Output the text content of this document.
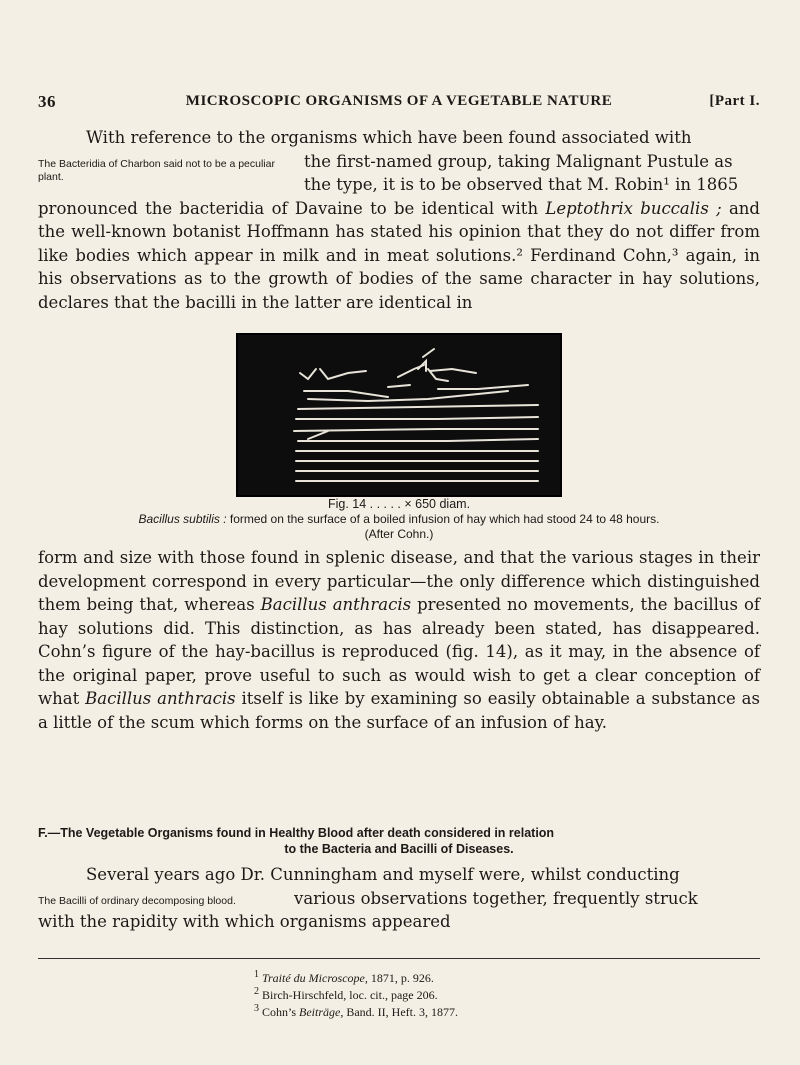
36	MICROSCOPIC ORGANISMS OF A VEGETABLE NATURE	[Part I.
With reference to the organisms which have been found associated with
The Bacteridia of Charbon said not to be a peculiar plant.
the first-named group, taking Malignant Pustule as
the type, it is to be observed that M. Robin¹ in 1865
pronounced the bacteridia of Davaine to be identical with Leptothrix buccalis ; and the well-known botanist Hoffmann has stated his opinion that they do not differ from like bodies which appear in milk and in meat solutions.² Ferdinand Cohn,³ again, in his observations as to the growth of bodies of the same character in hay solutions, declares that the bacilli in the latter are identical in
Fig. 14 . . . . . × 650 diam.
Bacillus subtilis : formed on the surface of a boiled infusion of hay which had stood 24 to 48 hours.
(After Cohn.)
form and size with those found in splenic disease, and that the various stages in their development correspond in every particular—the only difference which distinguished them being that, whereas Bacillus anthracis presented no movements, the bacillus of hay solutions did. This distinction, as has already been stated, has disappeared. Cohn’s figure of the hay-bacillus is reproduced (fig. 14), as it may, in the absence of the original paper, prove useful to such as would wish to get a clear conception of what Bacillus anthracis itself is like by examining so easily obtainable a substance as a little of the scum which forms on the surface of an infusion of hay.
F.—The Vegetable Organisms found in Healthy Blood after death considered in relation
to the Bacteria and Bacilli of Diseases.
Several years ago Dr. Cunningham and myself were, whilst conducting
The Bacilli of ordinary decomposing blood.	various observations together, frequently struck
with the rapidity with which organisms appeared
$^1$ Traité du Microscope, 1871, p. 926.
$^2$ Birch-Hirschfeld, loc. cit., page 206.
$^3$ Cohn’s Beiträge, Band. II, Heft. 3, 1877.
